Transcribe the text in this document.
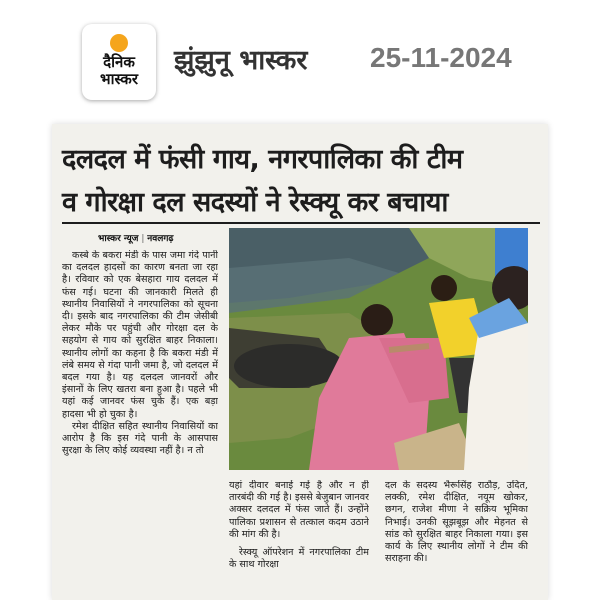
दैनिक
भास्कर
झुंझुनू भास्कर 25-11-2024
दलदल में फंसी गाय, नगरपालिका की टीम
व गोरक्षा दल सदस्यों ने रेस्क्यू कर बचाया
भास्कर न्यूज | नवलगढ़

कस्बे के बकरा मंडी के पास जमा गंदे पानी का दलदल हादसों का कारण बनता जा रहा है। रविवार को एक बेसहारा गाय दलदल में फंस गई। घटना की जानकारी मिलते ही स्थानीय निवासियों ने नगरपालिका को सूचना दी। इसके बाद नगरपालिका की टीम जेसीबी लेकर मौके पर पहुंची और गोरक्षा दल के सहयोग से गाय को सुरक्षित बाहर निकाला। स्थानीय लोगों का कहना है कि बकरा मंडी में लंबे समय से गंदा पानी जमा है, जो दलदल में बदल गया है। यह दलदल जानवरों और इंसानों के लिए खतरा बना हुआ है। पहले भी यहां कई जानवर फंस चुके हैं। एक बड़ा हादसा भी हो चुका है।

रमेश दीक्षित सहित स्थानीय निवासियों का आरोप है कि इस गंदे पानी के आसपास सुरक्षा के लिए कोई व्यवस्था नहीं है। न तो

यहां दीवार बनाई गई है और न ही तारबंदी की गई है। इससे बेजुबान जानवर अक्सर दलदल में फंस जाते हैं। उन्होंने पालिका प्रशासन से तत्काल कदम उठाने की मांग की है।

रेस्क्यू ऑपरेशन में नगरपालिका टीम के साथ गोरक्षा

दल के सदस्य भैरूसिंह राठौड़, उदित, लक्की, रमेश दीक्षित, नयूम खोकर, छगन, राजेश मीणा ने सक्रिय भूमिका निभाई। उनकी सूझबूझ और मेहनत से सांड को सुरक्षित बाहर निकाला गया। इस कार्य के लिए स्थानीय लोगों ने टीम की सराहना की।
